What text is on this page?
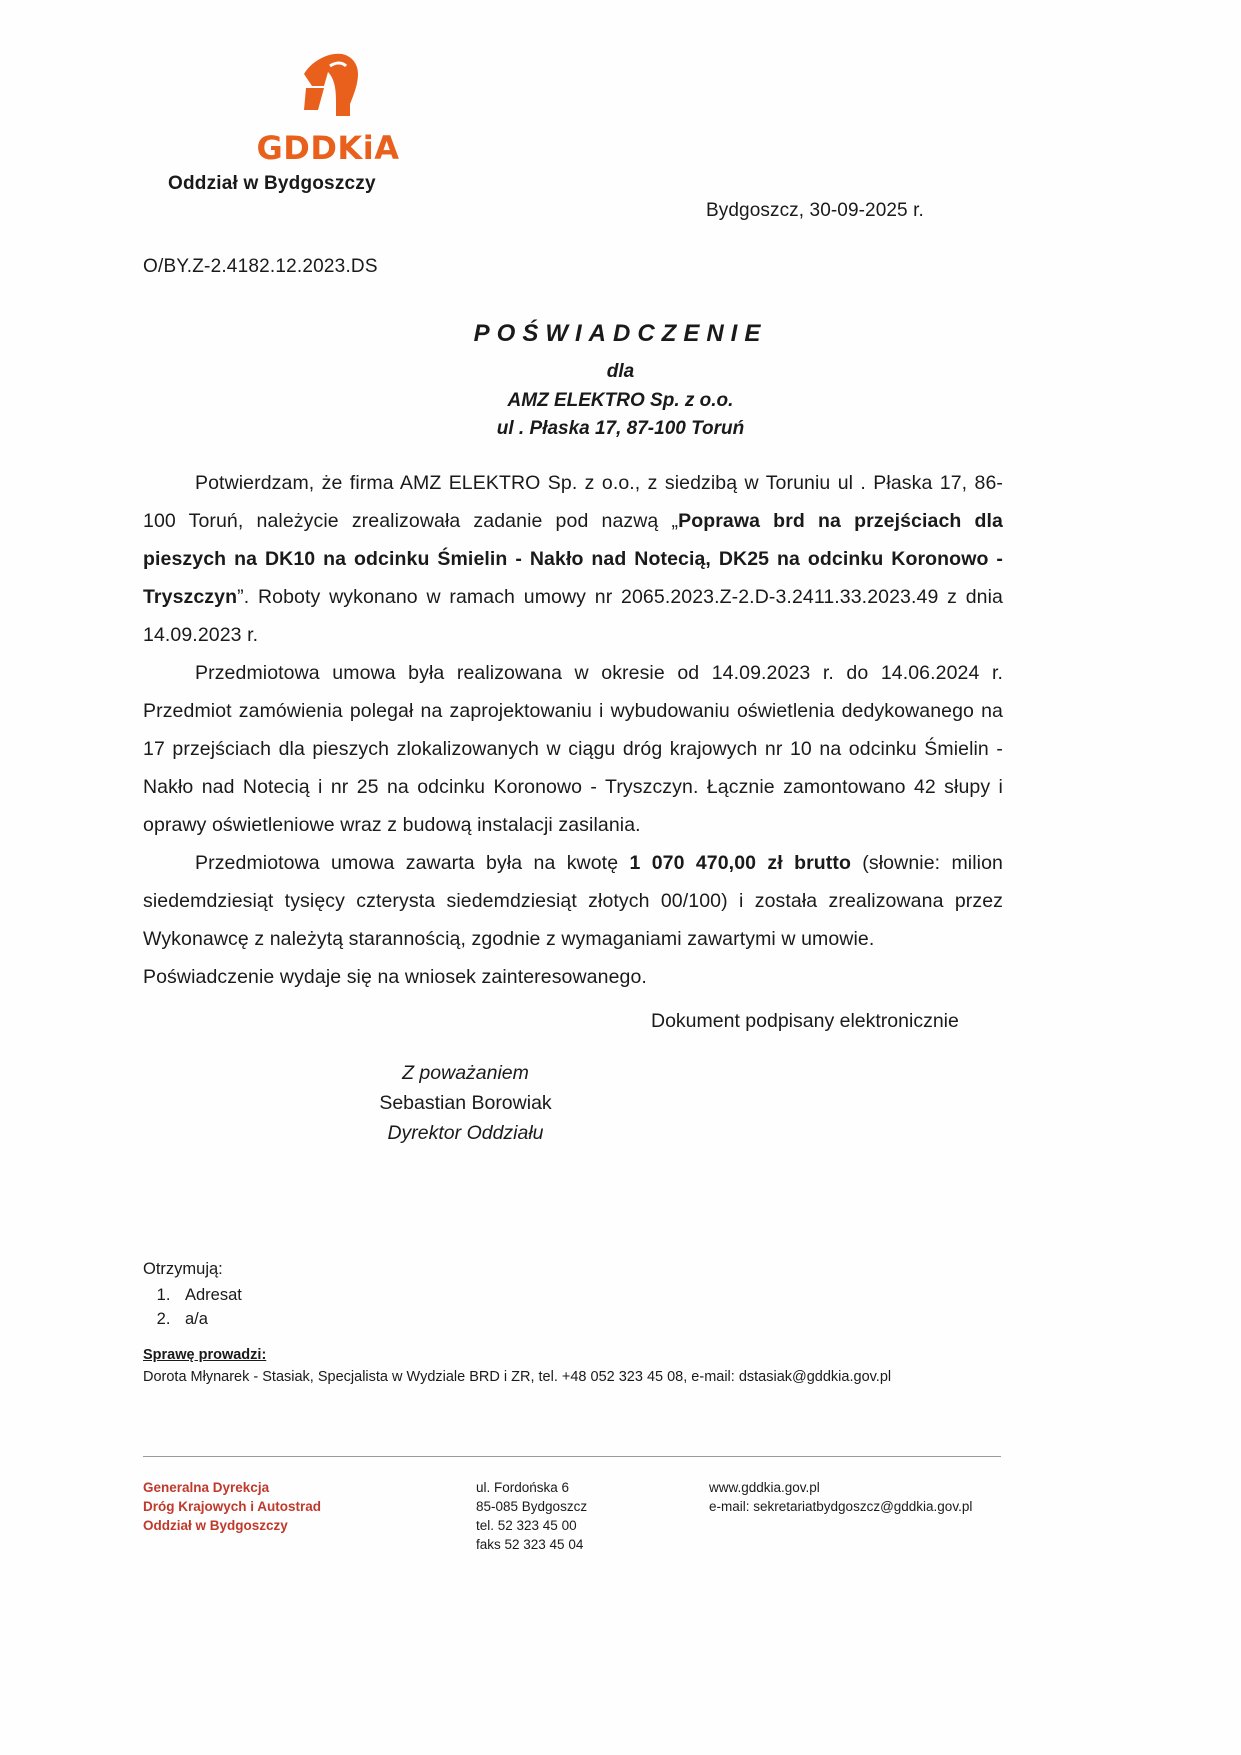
GDDKiA
Oddział w Bydgoszczy
Bydgoszcz, 30-09-2025 r.
O/BY.Z-2.4182.12.2023.DS
POŚWIADCZENIE
dla
AMZ ELEKTRO Sp. z o.o.
ul . Płaska 17, 87-100 Toruń

Potwierdzam, że firma AMZ ELEKTRO Sp. z o.o., z siedzibą w Toruniu ul . Płaska 17, 86-100 Toruń, należycie zrealizowała zadanie pod nazwą „Poprawa brd na przejściach dla pieszych na DK10 na odcinku Śmielin - Nakło nad Notecią, DK25 na odcinku Koronowo - Tryszczyn”. Roboty wykonano w ramach umowy nr 2065.2023.Z-2.D-3.2411.33.2023.49 z dnia 14.09.2023 r.

Przedmiotowa umowa była realizowana w okresie od 14.09.2023 r. do 14.06.2024 r. Przedmiot zamówienia polegał na zaprojektowaniu i wybudowaniu oświetlenia dedykowanego na 17 przejściach dla pieszych zlokalizowanych w ciągu dróg krajowych nr 10 na odcinku Śmielin - Nakło nad Notecią i nr 25 na odcinku Koronowo - Tryszczyn. Łącznie zamontowano 42 słupy i oprawy oświetleniowe wraz z budową instalacji zasilania.

Przedmiotowa umowa zawarta była na kwotę 1 070 470,00 zł brutto (słownie: milion siedemdziesiąt tysięcy czterysta siedemdziesiąt złotych 00/100) i została zrealizowana przez Wykonawcę z należytą starannością, zgodnie z wymaganiami zawartymi w umowie.

Poświadczenie wydaje się na wniosek zainteresowanego.

Dokument podpisany elektronicznie
Z poważaniem
Sebastian Borowiak
Dyrektor Oddziału
Otrzymują:
1. Adresat
2. a/a
Sprawę prowadzi:
Dorota Młynarek - Stasiak, Specjalista w Wydziale BRD i ZR, tel. +48 052 323 45 08, e-mail: dstasiak@gddkia.gov.pl
Generalna Dyrekcja
Dróg Krajowych i Autostrad
Oddział w Bydgoszczy
ul. Fordońska 6
85-085 Bydgoszcz
tel. 52 323 45 00
faks 52 323 45 04
www.gddkia.gov.pl
e-mail: sekretariatbydgoszcz@gddkia.gov.pl
